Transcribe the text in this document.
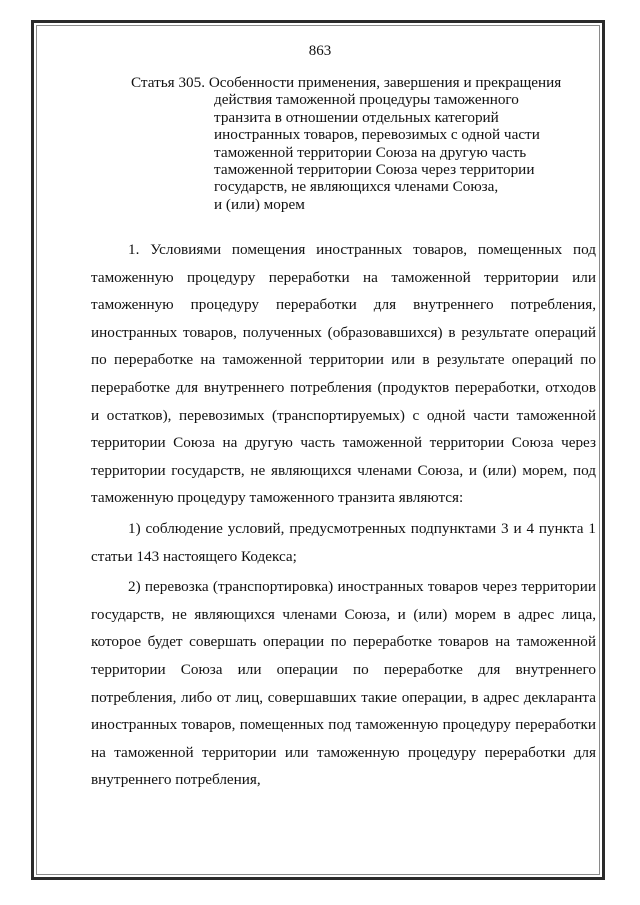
863
Статья 305.
Особенности применения, завершения и прекращения
действия таможенной процедуры таможенного
транзита в отношении отдельных категорий
иностранных товаров, перевозимых с одной части
таможенной территории Союза на другую часть
таможенной территории Союза через территории
государств, не являющихся членами Союза,
и (или) морем

1. Условиями помещения иностранных товаров, помещенных под таможенную процедуру переработки на таможенной территории или таможенную процедуру переработки для внутреннего потребления, иностранных товаров, полученных (образовавшихся) в результате операций по переработке на таможенной территории или в результате операций по переработке для внутреннего потребления (продуктов переработки, отходов и остатков), перевозимых (транспортируемых) с одной части таможенной территории Союза на другую часть таможенной территории Союза через территории государств, не являющихся членами Союза, и (или) морем, под таможенную процедуру таможенного транзита являются:

1) соблюдение условий, предусмотренных подпунктами 3 и 4 пункта 1 статьи 143 настоящего Кодекса;

2) перевозка (транспортировка) иностранных товаров через территории государств, не являющихся членами Союза, и (или) морем в адрес лица, которое будет совершать операции по переработке товаров на таможенной территории Союза или операции по переработке для внутреннего потребления, либо от лиц, совершавших такие операции, в адрес декларанта иностранных товаров, помещенных под таможенную процедуру переработки на таможенной территории или таможенную процедуру переработки для внутреннего потребления,
